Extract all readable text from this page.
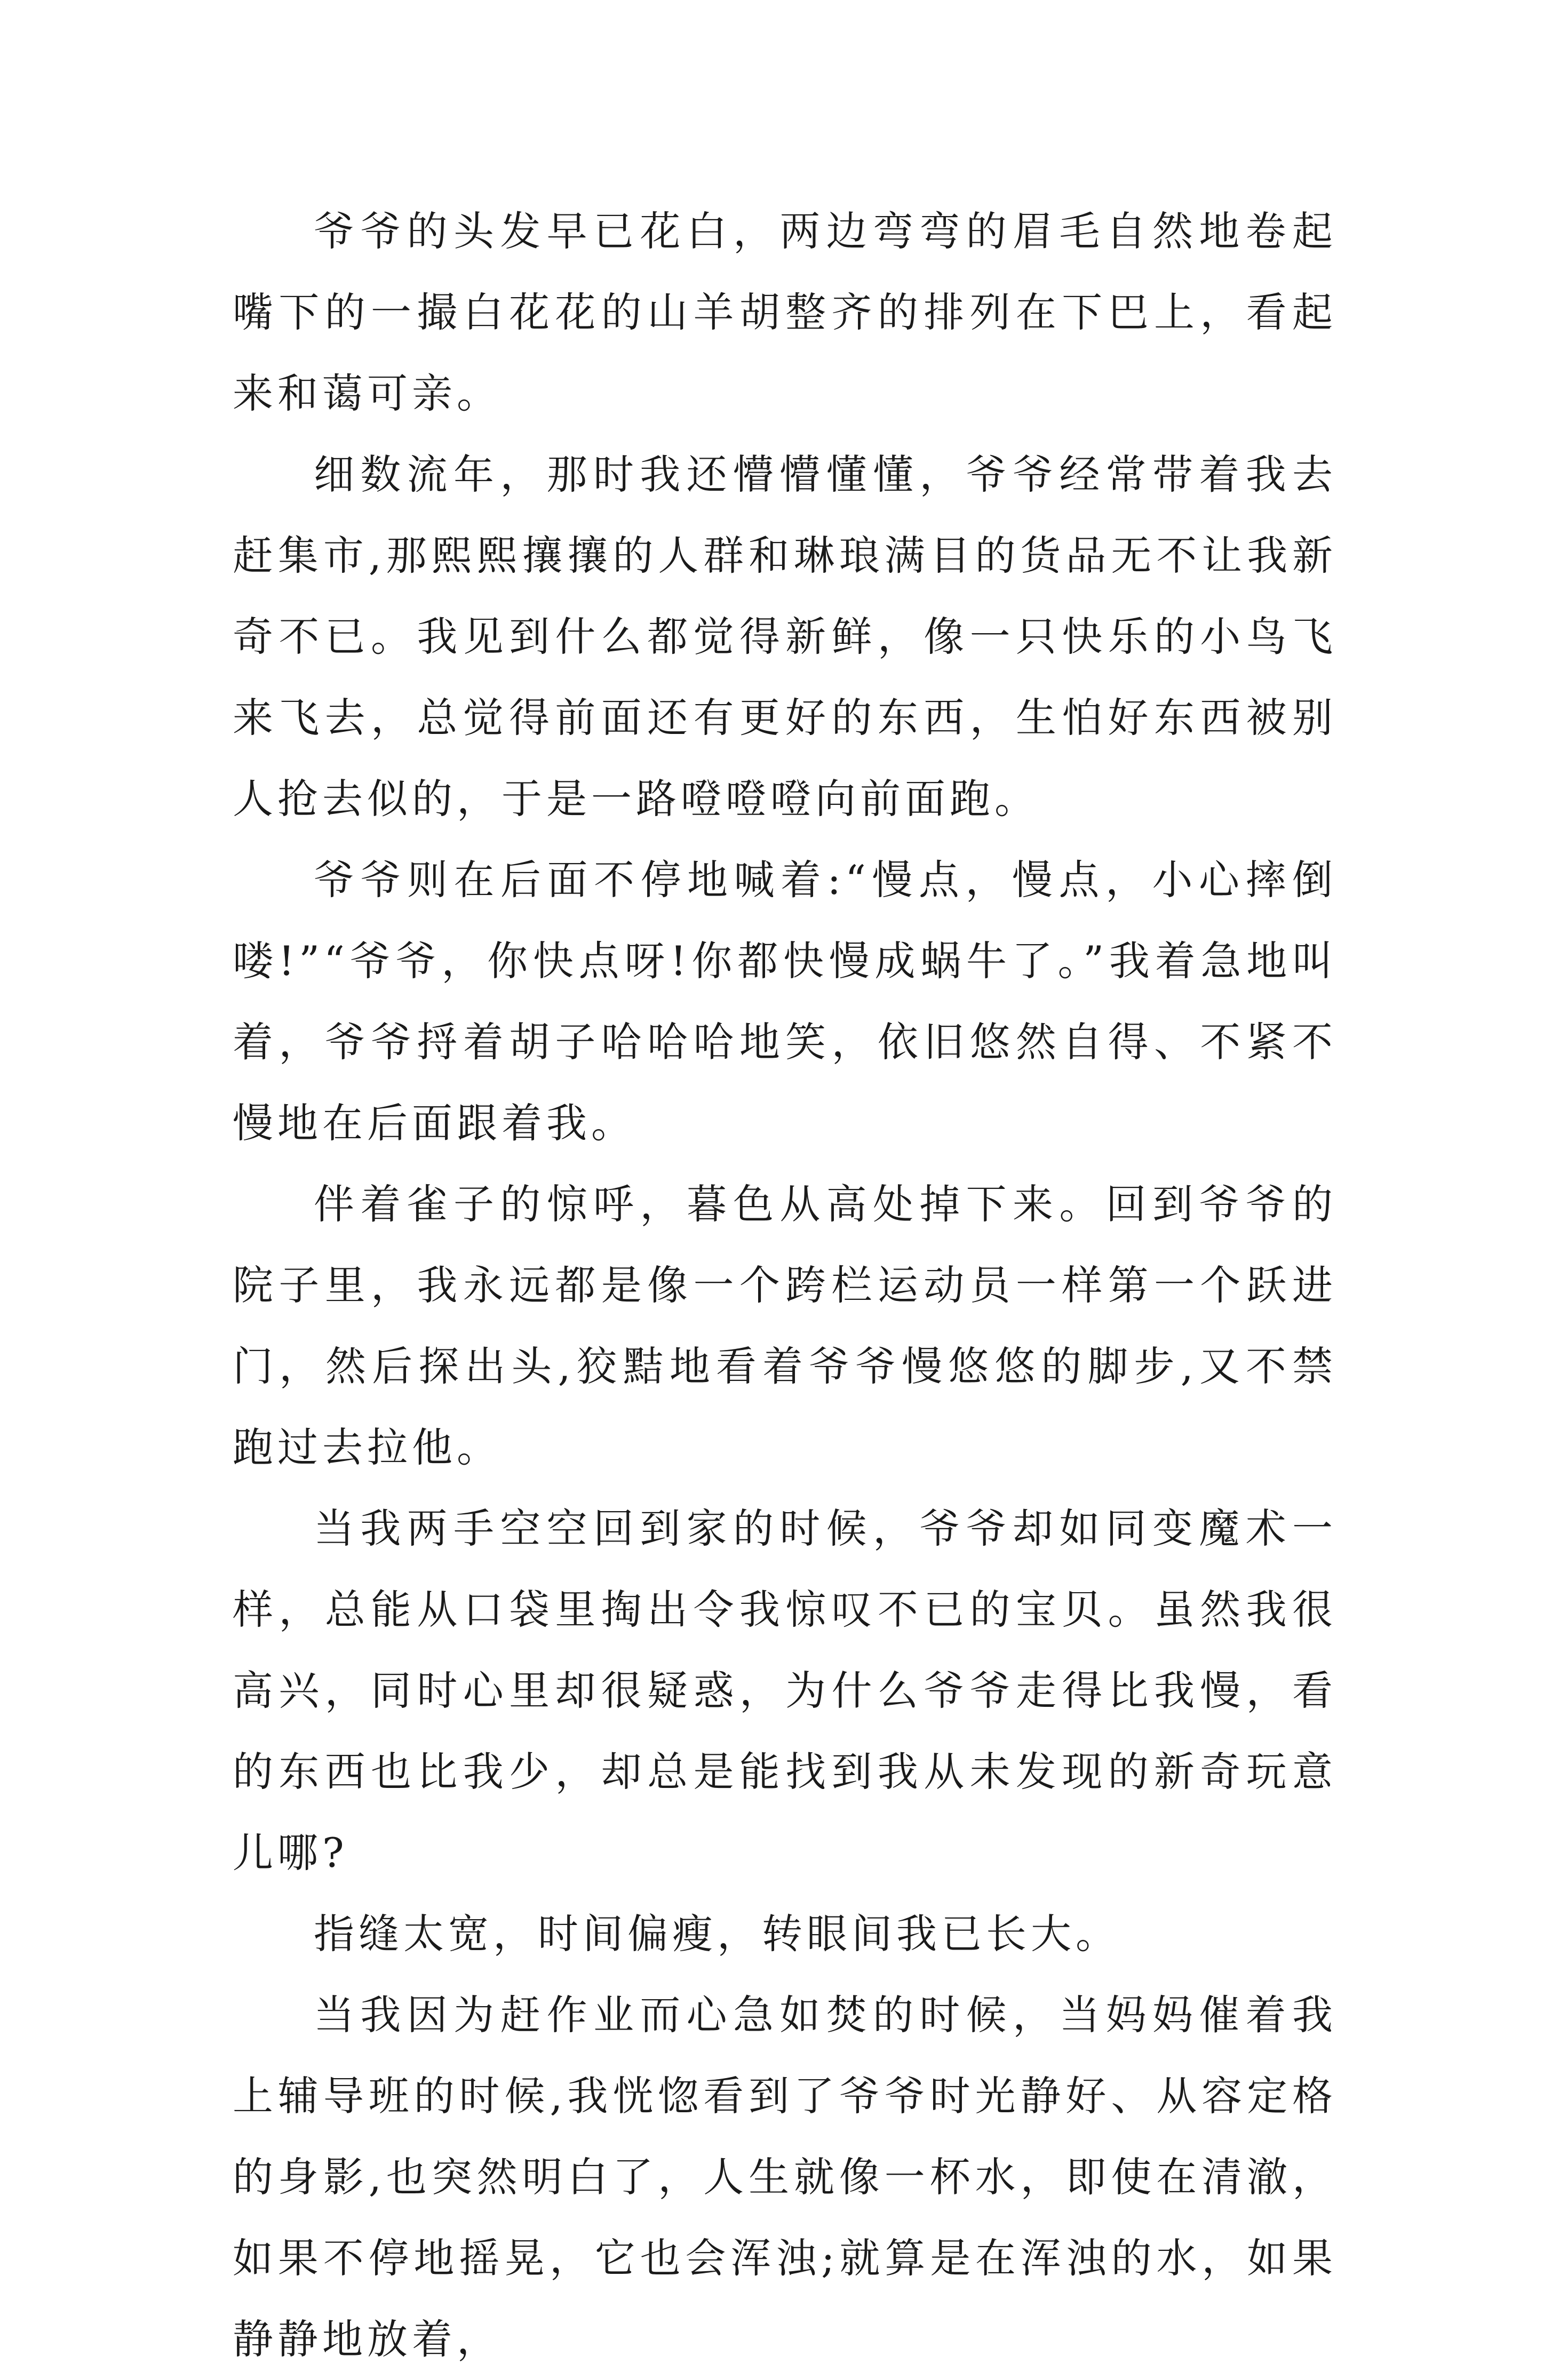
爷爷的头发早已花白，两边弯弯的眉毛自然地卷起嘴下的一撮白花花的山羊胡整齐的排列在下巴上，看起来和蔼可亲。

细数流年，那时我还懵懵懂懂，爷爷经常带着我去赶集市,那熙熙攘攘的人群和琳琅满目的货品无不让我新奇不已。我见到什么都觉得新鲜，像一只快乐的小鸟飞来飞去，总觉得前面还有更好的东西，生怕好东西被别人抢去似的，于是一路噔噔噔向前面跑。

爷爷则在后面不停地喊着:“慢点，慢点，小心摔倒喽!”“爷爷，你快点呀!你都快慢成蜗牛了。”我着急地叫着，爷爷捋着胡子哈哈哈地笑，依旧悠然自得、不紧不慢地在后面跟着我。

伴着雀子的惊呼，暮色从高处掉下来。回到爷爷的院子里，我永远都是像一个跨栏运动员一样第一个跃进门，然后探出头,狡黠地看着爷爷慢悠悠的脚步,又不禁跑过去拉他。

当我两手空空回到家的时候，爷爷却如同变魔术一样，总能从口袋里掏出令我惊叹不已的宝贝。虽然我很高兴，同时心里却很疑惑，为什么爷爷走得比我慢，看的东西也比我少，却总是能找到我从未发现的新奇玩意儿哪?

指缝太宽，时间偏瘦，转眼间我已长大。

当我因为赶作业而心急如焚的时候，当妈妈催着我上辅导班的时候,我恍惚看到了爷爷时光静好、从容定格的身影,也突然明白了，人生就像一杯水，即使在清澈，如果不停地摇晃，它也会浑浊;就算是在浑浊的水，如果静静地放着，
